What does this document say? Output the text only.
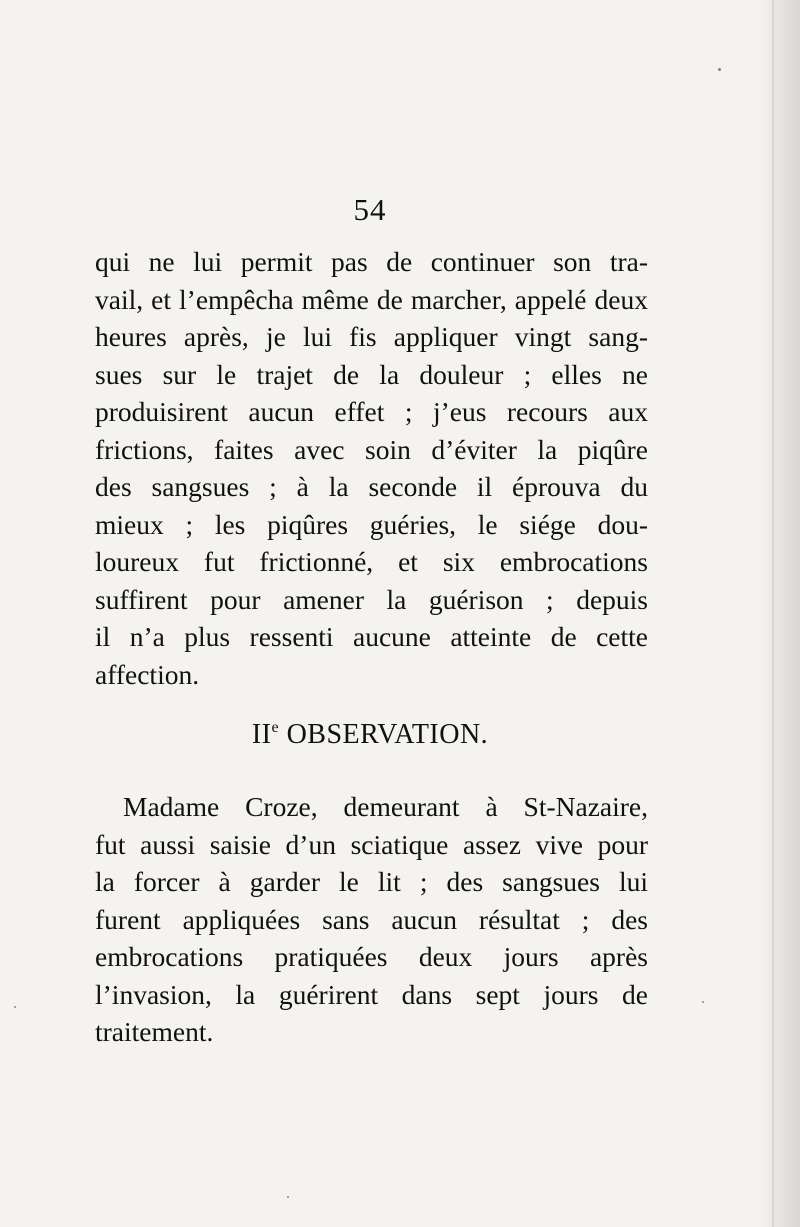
54
qui ne lui permit pas de continuer son tra-
vail, et l’empêcha même de marcher, appelé deux
heures après, je lui fis appliquer vingt sang-
sues sur le trajet de la douleur ; elles ne
produisirent aucun effet ; j’eus recours aux
frictions, faites avec soin d’éviter la piqûre
des sangsues ; à la seconde il éprouva du
mieux ; les piqûres guéries, le siége dou-
loureux fut frictionné, et six embrocations
suffirent pour amener la guérison ; depuis
il n’a plus ressenti aucune atteinte de cette
affection.
IIe OBSERVATION.
Madame Croze, demeurant à St-Nazaire,
fut aussi saisie d’un sciatique assez vive pour
la forcer à garder le lit ; des sangsues lui
furent appliquées sans aucun résultat ; des
embrocations pratiquées deux jours après
l’invasion, la guérirent dans sept jours de
traitement.
